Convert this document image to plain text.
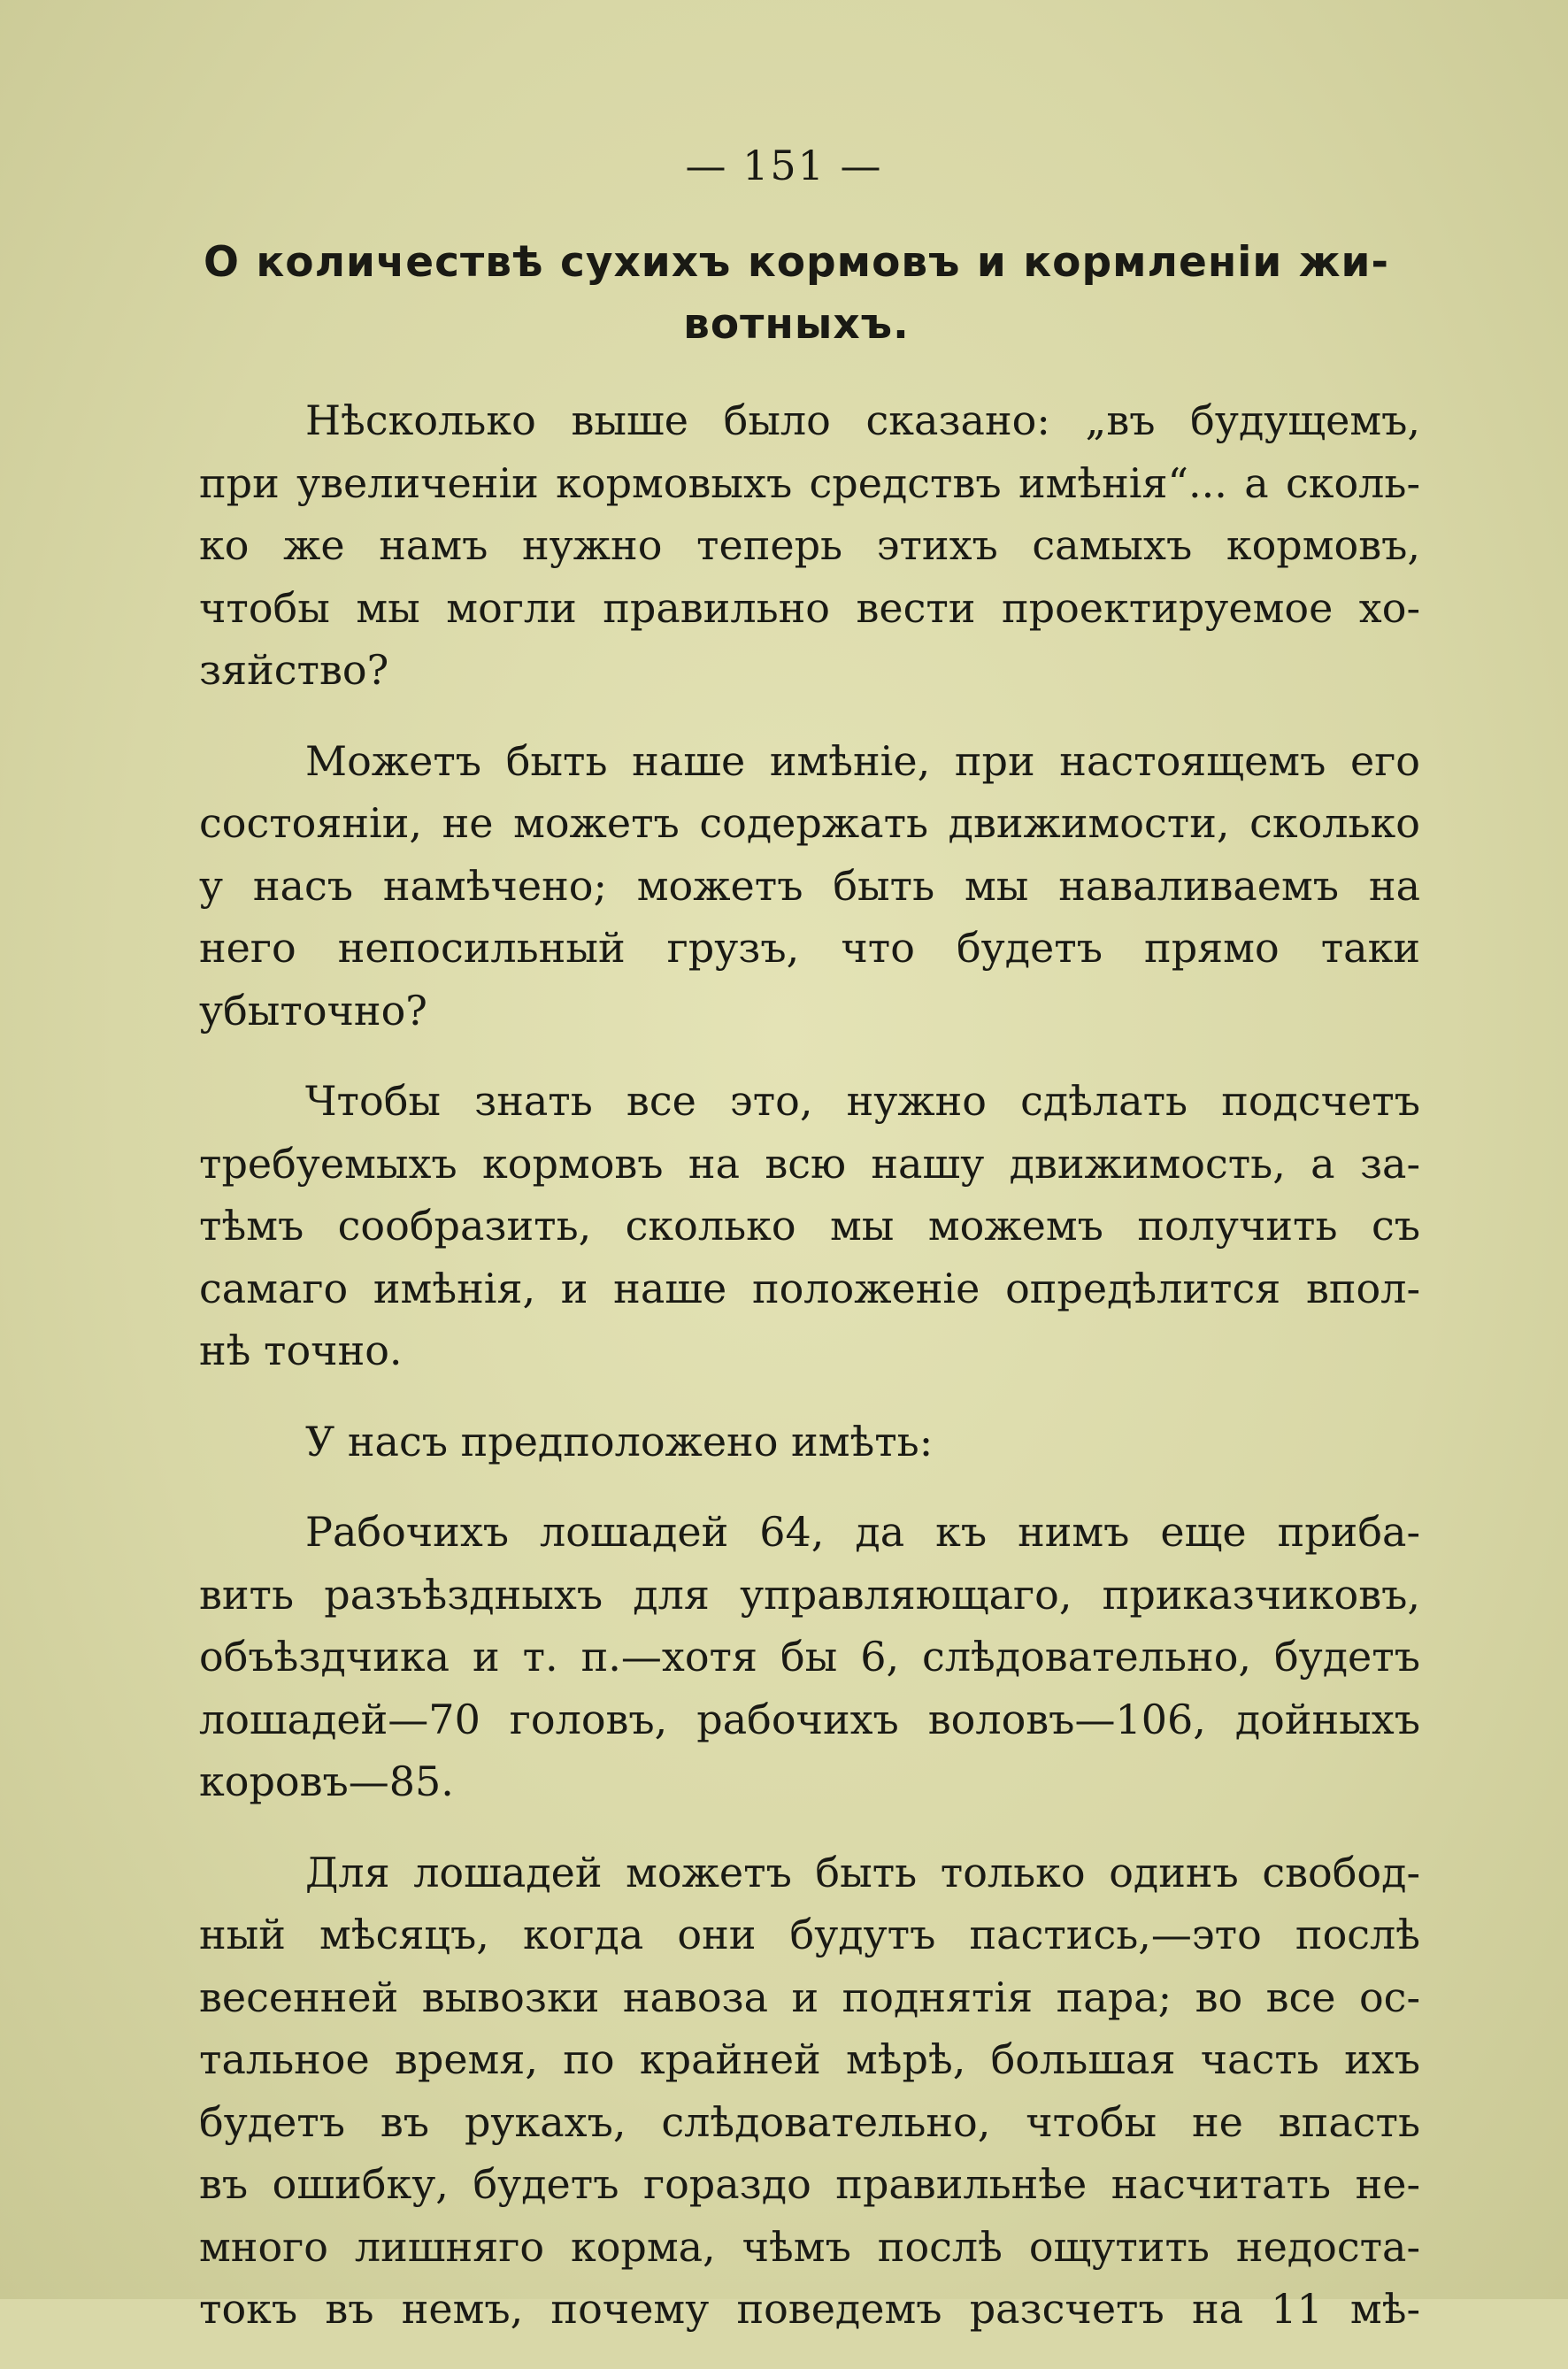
— 151 —
О количествѣ сухихъ кормовъ и кормленiи жи-
вотныхъ.
Нѣсколько выше было сказано: „въ будущемъ,
при увеличенiи кормовыхъ средствъ имѣнiя“... а сколь-
ко же намъ нужно теперь этихъ самыхъ кормовъ,
чтобы мы могли правильно вести проектируемое хо-
зяйство?
Можетъ быть наше имѣнiе, при настоящемъ его
состоянiи, не можетъ содержать движимости, сколько
у насъ намѣчено; можетъ быть мы наваливаемъ на
него непосильный грузъ, что будетъ прямо таки
убыточно?
Чтобы знать все это, нужно сдѣлать подсчетъ
требуемыхъ кормовъ на всю нашу движимость, а за-
тѣмъ сообразить, сколько мы можемъ получить съ
самаго имѣнiя, и наше положенiе опредѣлится впол-
нѣ точно.
У насъ предположено имѣть:
Рабочихъ лошадей 64, да къ нимъ еще приба-
вить разъѣздныхъ для управляющаго, приказчиковъ,
объѣздчика и т. п.—хотя бы 6, слѣдовательно, будетъ
лошадей—70 головъ, рабочихъ воловъ—106, дойныхъ
коровъ—85.
Для лошадей можетъ быть только одинъ свобод-
ный мѣсяцъ, когда они будутъ пастись,—это послѣ
весенней вывозки навоза и поднятiя пара; во все ос-
тальное время, по крайней мѣрѣ, большая часть ихъ
будетъ въ рукахъ, слѣдовательно, чтобы не впасть
въ ошибку, будетъ гораздо правильнѣе насчитать не-
много лишняго корма, чѣмъ послѣ ощутить недоста-
токъ въ немъ, почему поведемъ разсчетъ на 11 мѣ-
